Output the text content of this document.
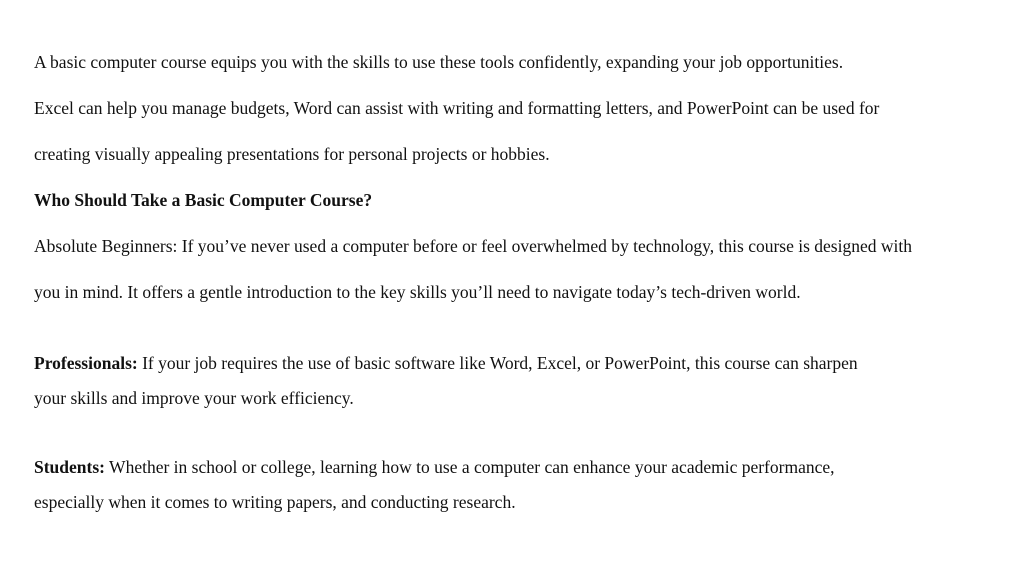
A basic computer course equips you with the skills to use these tools confidently, expanding your job opportunities.
Excel can help you manage budgets, Word can assist with writing and formatting letters, and PowerPoint can be used for
creating visually appealing presentations for personal projects or hobbies.
Who Should Take a Basic Computer Course?
Absolute Beginners: If you’ve never used a computer before or feel overwhelmed by technology, this course is designed with
you in mind. It offers a gentle introduction to the key skills you’ll need to navigate today’s tech-driven world.
Professionals: If your job requires the use of basic software like Word, Excel, or PowerPoint, this course can sharpen
your skills and improve your work efficiency.
Students: Whether in school or college, learning how to use a computer can enhance your academic performance,
especially when it comes to writing papers, and conducting research.
